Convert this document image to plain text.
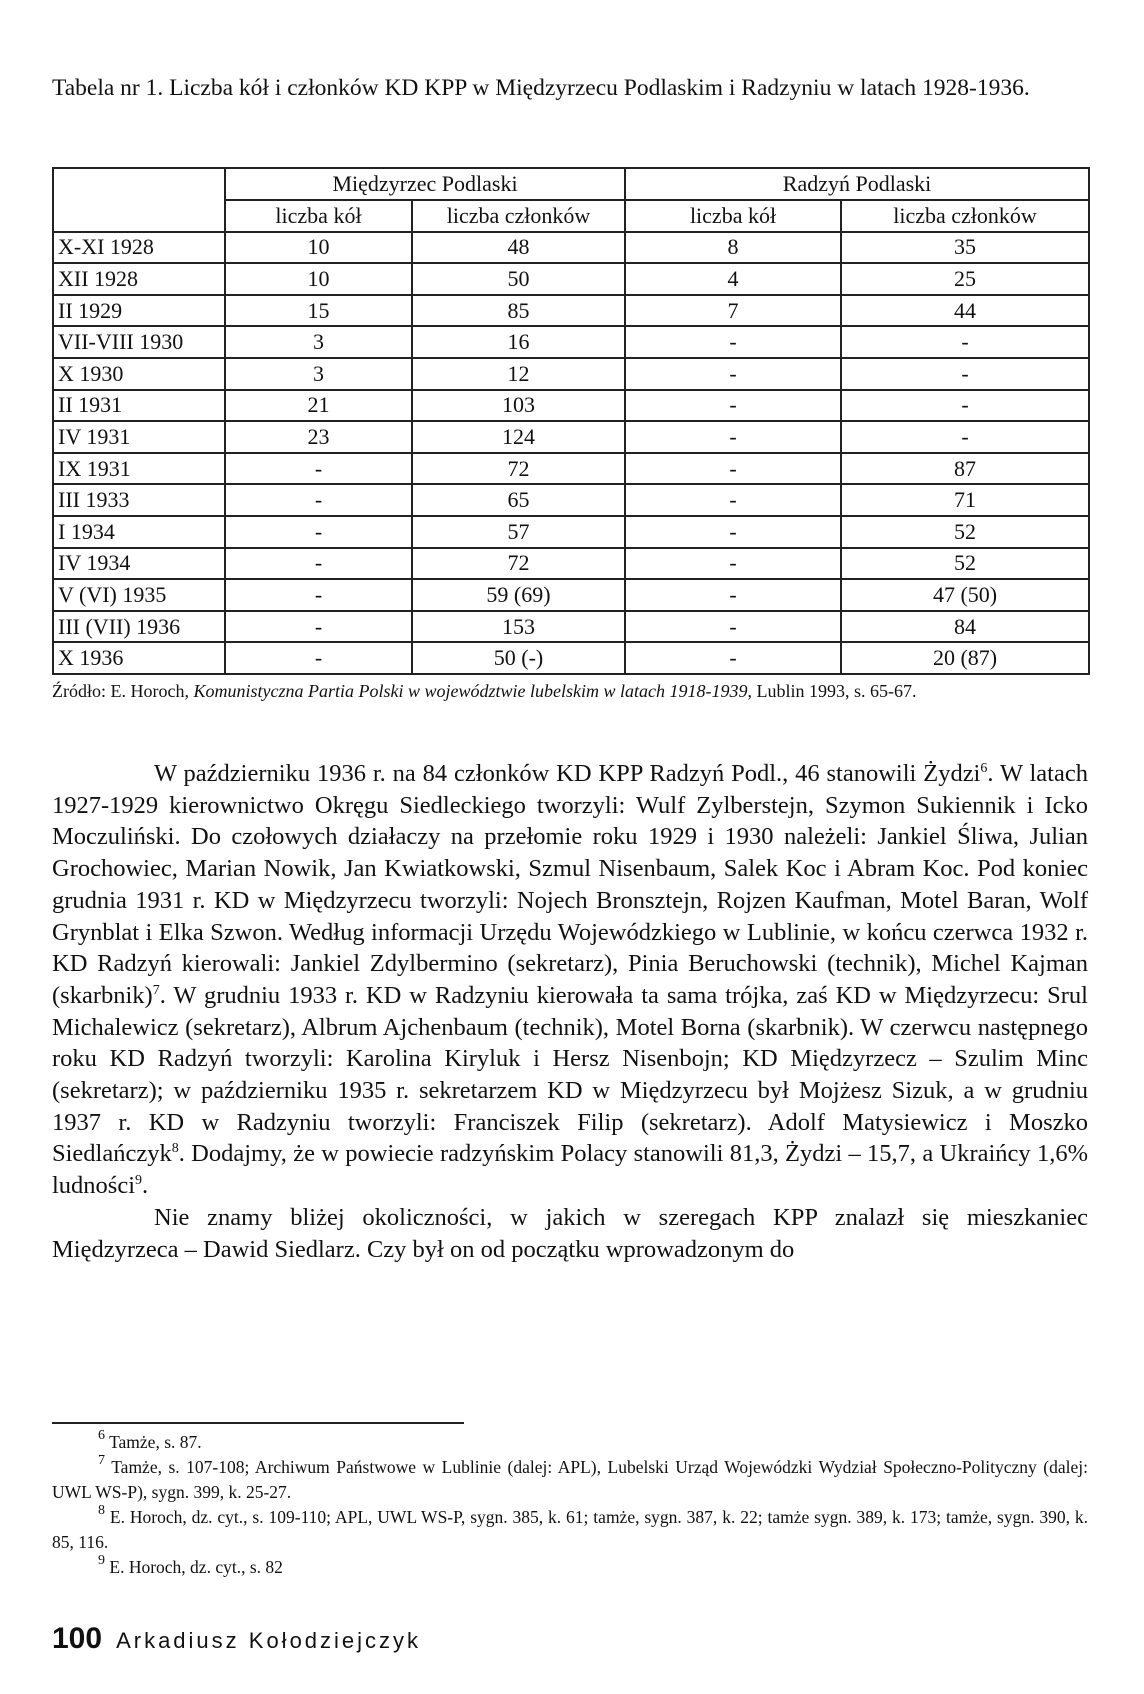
Tabela nr 1. Liczba kół i członków KD KPP w Międzyrzecu Podlaskim i Radzyniu w latach 1928-1936.

	Międzyrzec Podlaski		Radzyń Podlaski	
	liczba kół	liczba członków	liczba kół	liczba członków
X-XI 1928	10	48	8	35
XII 1928	10	50	4	25
II 1929	15	85	7	44
VII-VIII 1930	3	16	-	-
X 1930	3	12	-	-
II 1931	21	103	-	-
IV 1931	23	124	-	-
IX 1931	-	72	-	87
III 1933	-	65	-	71
I 1934	-	57	-	52
IV 1934	-	72	-	52
V (VI) 1935	-	59 (69)	-	47 (50)
III (VII) 1936	-	153	-	84
X 1936	-	50 (-)	-	20 (87)

Źródło: E. Horoch, Komunistyczna Partia Polski w województwie lubelskim w latach 1918-1939, Lublin 1993, s. 65-67.

W październiku 1936 r. na 84 członków KD KPP Radzyń Podl., 46 stanowili Żydzi$^6$. W latach 1927-1929 kierownictwo Okręgu Siedleckiego tworzyli: Wulf Zylberstejn, Szymon Sukiennik i Icko Moczuliński. Do czołowych działaczy na przełomie roku 1929 i 1930 należeli: Jankiel Śliwa, Julian Grochowiec, Marian Nowik, Jan Kwiatkowski, Szmul Nisenbaum, Salek Koc i Abram Koc. Pod koniec grudnia 1931 r. KD w Międzyrzecu tworzyli: Nojech Bronsztejn, Rojzen Kaufman, Motel Baran, Wolf Grynblat i Elka Szwon. Według informacji Urzędu Wojewódzkiego w Lublinie, w końcu czerwca 1932 r. KD Radzyń kierowali: Jankiel Zdylbermino (sekretarz), Pinia Beruchowski (technik), Michel Kajman (skarbnik)$^7$. W grudniu 1933 r. KD w Radzyniu kierowała ta sama trójka, zaś KD w Międzyrzecu: Srul Michalewicz (sekretarz), Albrum Ajchenbaum (technik), Motel Borna (skarbnik). W czerwcu następnego roku KD Radzyń tworzyli: Karolina Kiryluk i Hersz Nisenbojn; KD Międzyrzecz – Szulim Minc (sekretarz); w październiku 1935 r. sekretarzem KD w Międzyrzecu był Mojżesz Sizuk, a w grudniu 1937 r. KD w Radzyniu tworzyli: Franciszek Filip (sekretarz). Adolf Matysiewicz i Moszko Siedlańczyk$^8$. Dodajmy, że w powiecie radzyńskim Polacy stanowili 81,3, Żydzi – 15,7, a Ukraińcy 1,6% ludności$^9$.

Nie znamy bliżej okoliczności, w jakich w szeregach KPP znalazł się mieszkaniec Międzyrzeca – Dawid Siedlarz. Czy był on od początku wprowadzonym do

$^6$ Tamże, s. 87.

$^7$ Tamże, s. 107-108; Archiwum Państwowe w Lublinie (dalej: APL), Lubelski Urząd Wojewódzki Wydział Społeczno-Polityczny (dalej: UWL WS-P), sygn. 399, k. 25-27.

$^8$ E. Horoch, dz. cyt., s. 109-110; APL, UWL WS-P, sygn. 385, k. 61; tamże, sygn. 387, k. 22; tamże sygn. 389, k. 173; tamże, sygn. 390, k. 85, 116.

$^9$ E. Horoch, dz. cyt., s. 82

100 Arkadiusz Kołodziejczyk
